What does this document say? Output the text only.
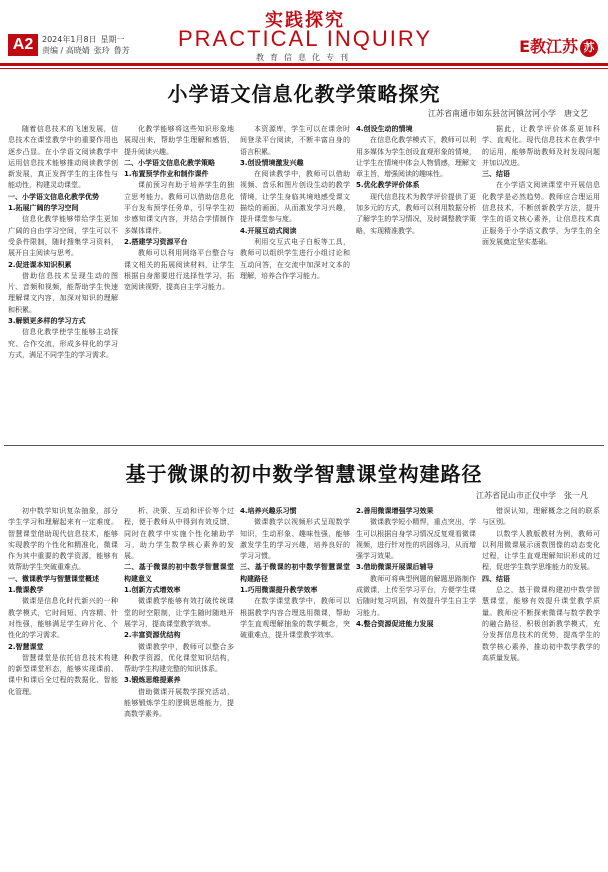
A2	2024年1月8日 星期一
责编 / 高晓婧 张玲 鲁芳
实践探究
PRACTICAL INQUIRY
教育信息化专刊
E教江苏 苏
小学语文信息化教学策略探究
江苏省南通市如东县岔河镇岔河小学　唐文艺

随着信息技术的飞速发展，信息技术在课堂教学中的重要作用也逐步凸显。在小学语文阅读教学中运用信息技术能够推动阅读教学创新发展，真正发挥学生的主体性与能动性，构建灵动课堂。

一、小学语文信息化教学优势
1.拓展广阔的学习空间

信息化教学能够带给学生更加广阔的自由学习空间，学生可以不受条件限制，随时搜集学习资料，展开自主阅读与思考。

2.促进课本知识积累

借助信息技术呈现生动的图片、音频和视频，能帮助学生快速理解课文内容，加深对知识的理解和积累。

3.解锁更多样的学习方式

信息化教学使学生能够主动探究、合作交流，形成多样化的学习方式，满足不同学生的学习需求。

化教学能够将这些知识形象地展现出来，帮助学生理解和感悟，提升阅读兴趣。

二、小学语文信息化教学策略
1.布置预学作业和制作课件

课前预习有助于培养学生的独立思考能力。教师可以借助信息化平台发布预学任务单，引导学生初步感知课文内容，并结合学情制作多媒体课件。

2.搭建学习资源平台

教师可以利用网络平台整合与课文相关的拓展阅读材料，让学生根据自身需要进行选择性学习，拓宽阅读视野，提高自主学习能力。

本资源库，学生可以在课余时间登录平台阅读，不断丰富自身的语言积累。

3.创设情境激发兴趣

在阅读教学中，教师可以借助视频、音乐和图片创设生动的教学情境，让学生身临其境地感受课文描绘的画面，从而激发学习兴趣，提升课堂参与度。

4.开展互动式阅读

利用交互式电子白板等工具，教师可以组织学生进行小组讨论和互动问答，在交流中加深对文本的理解，培养合作学习能力。

4.创设生动的情境

在信息化教学模式下，教师可以利用多媒体为学生创设直观形象的情境，让学生在情境中体会人物情感，理解文章主旨，增强阅读的趣味性。

5.优化教学评价体系

现代信息技术为教学评价提供了更加多元的方式，教师可以利用数据分析了解学生的学习情况，及时调整教学策略，实现精准教学。

据此，让教学评价体系更加科学、直观化。现代信息技术在教学中的运用，能够帮助教师及时发现问题并加以改进。

三、结语

在小学语文阅读课堂中开展信息化教学是必然趋势。教师应合理运用信息技术，不断创新教学方法，提升学生的语文核心素养，让信息技术真正服务于小学语文教学，为学生的全面发展奠定坚实基础。

基于微课的初中数学智慧课堂构建路径
江苏省昆山市正仪中学　张一凡

初中数学知识复杂抽象，部分学生学习和理解起来有一定难度。智慧课堂借助现代信息技术，能够实现教学的个性化和精准化，微课作为其中重要的教学资源，能够有效帮助学生突破重难点。

一、微课教学与智慧课堂概述
1.微课教学

微课是信息化时代新兴的一种教学模式，它时间短、内容精、针对性强，能够满足学生碎片化、个性化的学习需求。

2.智慧课堂

智慧课堂是依托信息技术构建的新型课堂形态，能够实现课前、课中和课后全过程的数据化、智能化管理。

析、决策、互动和评价等个过程，便于教师从中得到有效反馈，同时在教学中实施个性化辅助学习，助力学生数学核心素养的发展。

二、基于微课的初中数学智慧课堂构建意义
1.创新方式增效率

微课教学能够有效打破传统课堂的时空限制，让学生随时随地开展学习，提高课堂教学效率。

2.丰富资源优结构

微课教学中，教师可以整合多种教学资源，优化课堂知识结构，帮助学生构建完整的知识体系。

3.锻炼思维提素养

借助微课开展数学探究活动，能够锻炼学生的逻辑思维能力，提高数学素养。

4.培养兴趣乐习惯

微课教学以视频形式呈现数学知识，生动形象、趣味性强，能够激发学生的学习兴趣，培养良好的学习习惯。

三、基于微课的初中数学智慧课堂构建路径
1.巧用微课提升教学效率

在数学课堂教学中，教师可以根据教学内容合理选用微课，帮助学生直观理解抽象的数学概念，突破重难点，提升课堂教学效率。

2.善用微课增强学习效果

微课教学短小精悍，重点突出，学生可以根据自身学习情况反复观看微课视频，进行针对性的巩固练习，从而增强学习效果。

3.借助微课开展课后辅导

教师可将典型例题的解题思路制作成微课，上传至学习平台，方便学生课后随时复习巩固，有效提升学生自主学习能力。

4.整合资源促进能力发展

错误认知，理解概念之间的联系与区别。

以数学人教版教材为例，教师可以利用微课展示函数图像的动态变化过程，让学生直观理解知识形成的过程，促进学生数学思维能力的发展。

四、结语

总之，基于微课构建初中数学智慧课堂，能够有效提升课堂教学质量。教师应不断探索微课与数学教学的融合路径，积极创新教学模式，充分发挥信息技术的优势，提高学生的数学核心素养，推动初中数学教学的高质量发展。
